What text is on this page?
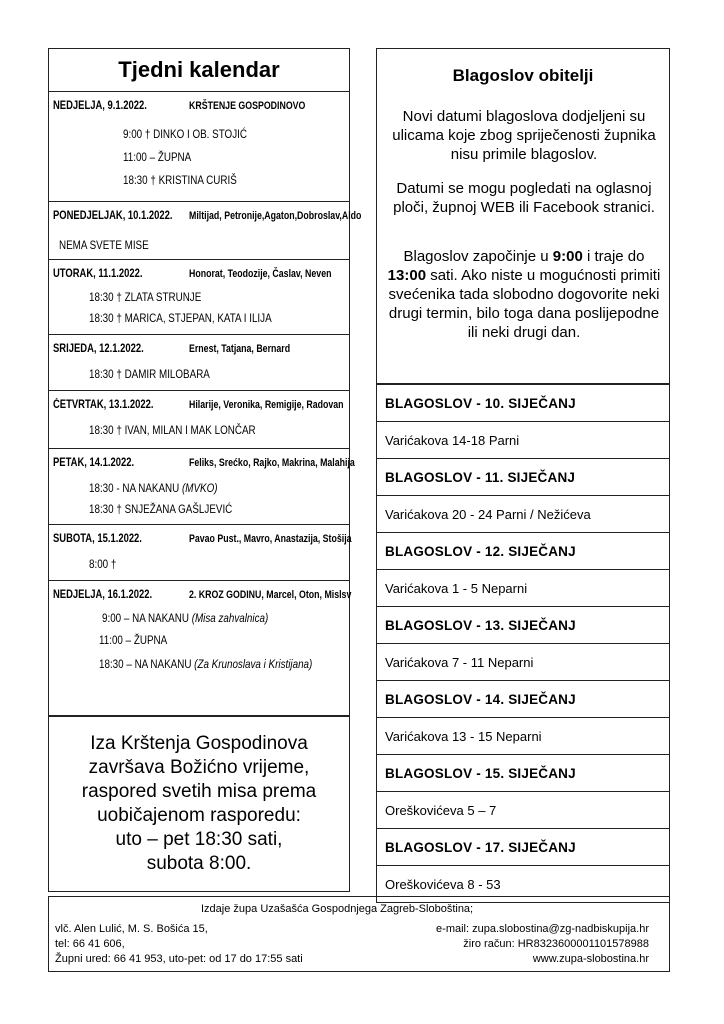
Tjedni kalendar
NEDJELJA, 9.1.2022.	KRŠTENJE GOSPODINOVO
9:00 † DINKO I OB. STOJIĆ
11:00 – ŽUPNA
18:30 † KRISTINA CURIŠ
PONEDJELJAK, 10.1.2022. Miltijad, Petronije,Agaton,Dobroslav,Aldo
NEMA SVETE MISE
UTORAK, 11.1.2022.	Honorat, Teodozije, Časlav, Neven
18:30 † ZLATA STRUNJE
18:30 † MARICA, STJEPAN, KATA I ILIJA
SRIJEDA, 12.1.2022.	Ernest, Tatjana, Bernard
18:30 † DAMIR MILOBARA
ČETVRTAK, 13.1.2022.	Hilarije, Veronika, Remigije, Radovan
18:30 † IVAN, MILAN I MAK LONČAR
PETAK, 14.1.2022.	Feliks, Srećko, Rajko, Makrina, Malahija
18:30 - NA NAKANU (MVKO)
18:30 † SNJEŽANA GAŠLJEVIĆ
SUBOTA, 15.1.2022.	Pavao Pust., Mavro, Anastazija, Stošija
8:00 †
NEDJELJA, 16.1.2022.	2. KROZ GODINU, Marcel, Oton, Mislsv
9:00 – NA NAKANU (Misa zahvalnica)
11:00 – ŽUPNA
18:30 – NA NAKANU (Za Krunoslava i Kristijana)
Iza Krštenja Gospodinova
završava Božićno vrijeme,
raspored svetih misa prema
uobičajenom rasporedu:
uto – pet 18:30 sati,
subota 8:00.
Blagoslov obitelji
Novi datumi blagoslova dodjeljeni su ulicama koje zbog spriječenosti župnika nisu primile blagoslov.
Datumi se mogu pogledati na oglasnoj ploči, župnoj WEB ili Facebook stranici.
Blagoslov započinje u 9:00 i traje do 13:00 sati. Ako niste u mogućnosti primiti svećenika tada slobodno dogovorite neki drugi termin, bilo toga dana poslijepodne ili neki drugi dan.
BLAGOSLOV - 10. SIJEČANJ
Varićakova 14-18 Parni
BLAGOSLOV - 11. SIJEČANJ
Varićakova 20 - 24 Parni / Nežićeva
BLAGOSLOV - 12. SIJEČANJ
Varićakova 1 - 5 Neparni
BLAGOSLOV - 13. SIJEČANJ
Varićakova 7 - 11 Neparni
BLAGOSLOV - 14. SIJEČANJ
Varićakova 13 - 15 Neparni
BLAGOSLOV - 15. SIJEČANJ
Oreškovićeva 5 – 7
BLAGOSLOV - 17. SIJEČANJ
Oreškovićeva 8 - 53
Izdaje župa Uzašašća Gospodnjega Zagreb-Sloboština;
vlč. Alen Lulić, M. S. Bošića 15,
tel: 66 41 606,
Župni ured: 66 41 953, uto-pet: od 17 do 17:55 sati
e-mail: zupa.slobostina@zg-nadbiskupija.hr
žiro račun: HR8323600001101578988
www.zupa-slobostina.hr
